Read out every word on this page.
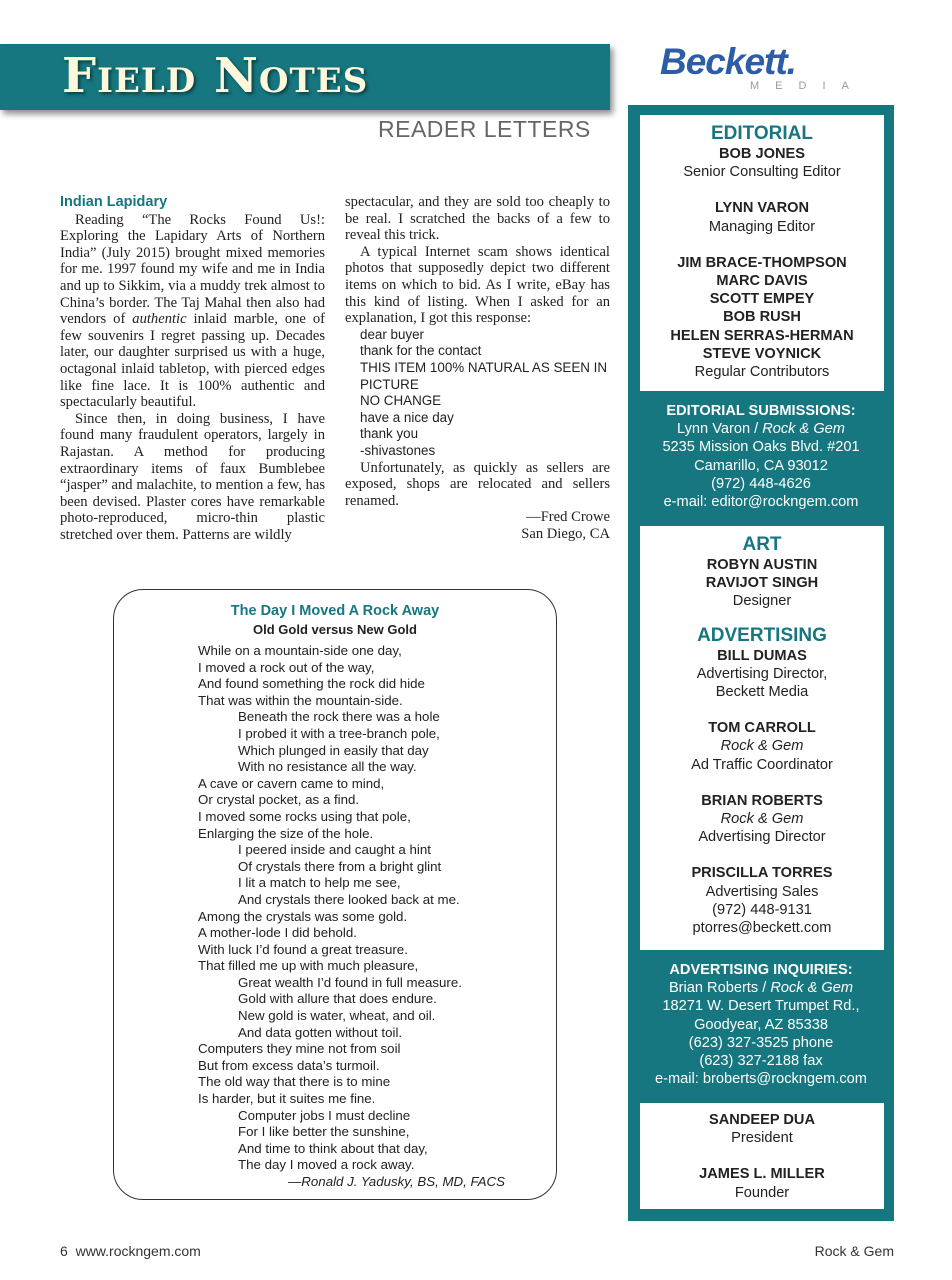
Field Notes
READER LETTERS
Beckett.
MEDIA

Indian Lapidary

Reading “The Rocks Found Us!: Exploring the Lapidary Arts of Northern India” (July 2015) brought mixed memories for me. 1997 found my wife and me in India and up to Sikkim, via a muddy trek almost to China’s border. The Taj Mahal then also had vendors of authentic inlaid marble, one of few souvenirs I regret passing up. Decades later, our daughter surprised us with a huge, octagonal inlaid tabletop, with pierced edges like fine lace. It is 100% authentic and spectacularly beautiful.

Since then, in doing business, I have found many fraudulent operators, largely in Rajastan. A method for producing extraordinary items of faux Bumblebee “jasper” and malachite, to mention a few, has been devised. Plaster cores have remarkable photo-reproduced, micro-thin plastic stretched over them. Patterns are wildly

spectacular, and they are sold too cheaply to be real. I scratched the backs of a few to reveal this trick.

A typical Internet scam shows identical photos that supposedly depict two different items on which to bid. As I write, eBay has this kind of listing. When I asked for an explanation, I got this response:

dear buyer

thank for the contact

THIS ITEM 100% NATURAL AS SEEN IN PICTURE

NO CHANGE

have a nice day

thank you

-shivastones

Unfortunately, as quickly as sellers are exposed, shops are relocated and sellers renamed.

—Fred Crowe

San Diego, CA

The Day I Moved A Rock Away
Old Gold versus New Gold
While on a mountain-side one day,
I moved a rock out of the way,
And found something the rock did hide
That was within the mountain-side.
Beneath the rock there was a hole
I probed it with a tree-branch pole,
Which plunged in easily that day
With no resistance all the way.
A cave or cavern came to mind,
Or crystal pocket, as a find.
I moved some rocks using that pole,
Enlarging the size of the hole.
I peered inside and caught a hint
Of crystals there from a bright glint
I lit a match to help me see,
And crystals there looked back at me.
Among the crystals was some gold.
A mother-lode I did behold.
With luck I’d found a great treasure.
That filled me up with much pleasure,
Great wealth I’d found in full measure.
Gold with allure that does endure.
New gold is water, wheat, and oil.
And data gotten without toil.
Computers they mine not from soil
But from excess data’s turmoil.
The old way that there is to mine
Is harder, but it suites me fine.
Computer jobs I must decline
For I like better the sunshine,
And time to think about that day,
The day I moved a rock away.
—Ronald J. Yadusky, BS, MD, FACS
EDITORIAL
BOB JONES
Senior Consulting Editor
LYNN VARON
Managing Editor
JIM BRACE-THOMPSON
MARC DAVIS
SCOTT EMPEY
BOB RUSH
HELEN SERRAS-HERMAN
STEVE VOYNICK
Regular Contributors
EDITORIAL SUBMISSIONS:
Lynn Varon / Rock & Gem
5235 Mission Oaks Blvd. #201
Camarillo, CA 93012
(972) 448-4626
e-mail: editor@rockngem.com
ART
ROBYN AUSTIN
RAVIJOT SINGH
Designer
ADVERTISING
BILL DUMAS
Advertising Director,
Beckett Media
TOM CARROLL
Rock & Gem
Ad Traffic Coordinator
BRIAN ROBERTS
Rock & Gem
Advertising Director
PRISCILLA TORRES
Advertising Sales
(972) 448-9131
ptorres@beckett.com
ADVERTISING INQUIRIES:
Brian Roberts / Rock & Gem
18271 W. Desert Trumpet Rd.,
Goodyear, AZ 85338
(623) 327-3525 phone
(623) 327-2188 fax
e-mail: broberts@rockngem.com
SANDEEP DUA
President
JAMES L. MILLER
Founder
6 www.rockngem.com	Rock & Gem
